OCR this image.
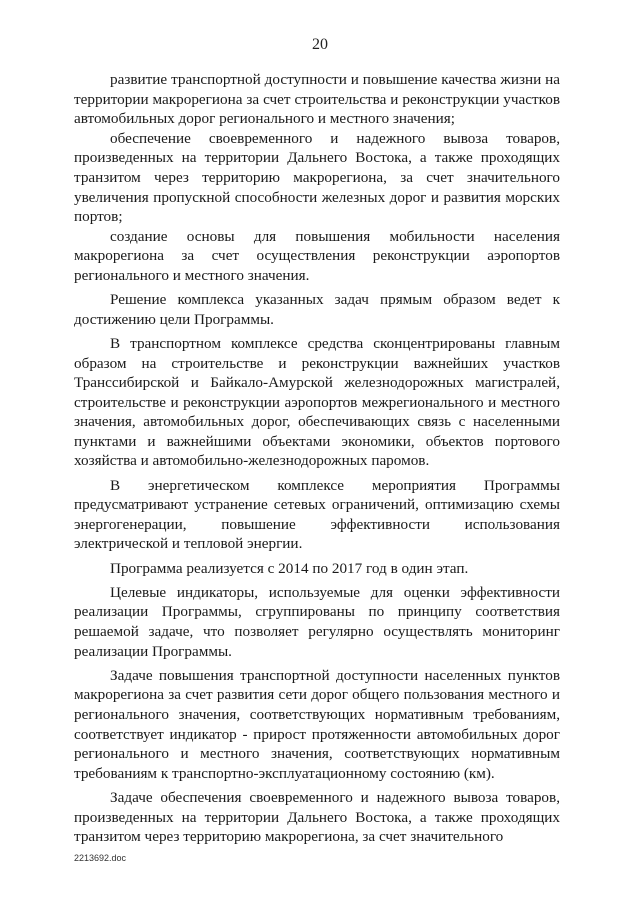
20

развитие транспортной доступности и повышение качества жизни на территории макрорегиона за счет строительства и реконструкции участков автомобильных дорог регионального и местного значения;

обеспечение своевременного и надежного вывоза товаров, произведенных на территории Дальнего Востока, а также проходящих транзитом через территорию макрорегиона, за счет значительного увеличения пропускной способности железных дорог и развития морских портов;

создание основы для повышения мобильности населения макрорегиона за счет осуществления реконструкции аэропортов регионального и местного значения.

Решение комплекса указанных задач прямым образом ведет к достижению цели Программы.

В транспортном комплексе средства сконцентрированы главным образом на строительстве и реконструкции важнейших участков Транссибирской и Байкало-Амурской железнодорожных магистралей, строительстве и реконструкции аэропортов межрегионального и местного значения, автомобильных дорог, обеспечивающих связь с населенными пунктами и важнейшими объектами экономики, объектов портового хозяйства и автомобильно-железнодорожных паромов.

В энергетическом комплексе мероприятия Программы предусматривают устранение сетевых ограничений, оптимизацию схемы энергогенерации, повышение эффективности использования электрической и тепловой энергии.

Программа реализуется с 2014 по 2017 год в один этап.

Целевые индикаторы, используемые для оценки эффективности реализации Программы, сгруппированы по принципу соответствия решаемой задаче, что позволяет регулярно осуществлять мониторинг реализации Программы.

Задаче повышения транспортной доступности населенных пунктов макрорегиона за счет развития сети дорог общего пользования местного и регионального значения, соответствующих нормативным требованиям, соответствует индикатор - прирост протяженности автомобильных дорог регионального и местного значения, соответствующих нормативным требованиям к транспортно-эксплуатационному состоянию (км).

Задаче обеспечения своевременного и надежного вывоза товаров, произведенных на территории Дальнего Востока, а также проходящих транзитом через территорию макрорегиона, за счет значительного

2213692.doc
